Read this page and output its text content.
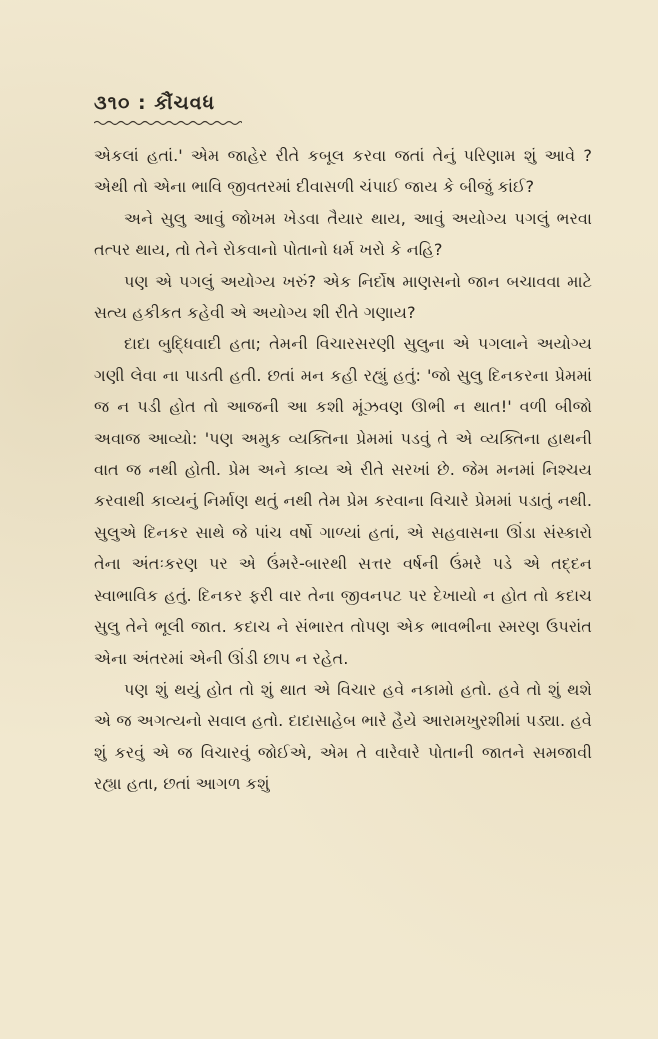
૩૧૦ : કૌંચવધ

એકલાં હતાં.' એમ જાહેર રીતે કબૂલ કરવા જતાં તેનું પરિણામ શું આવે ? એથી તો એના ભાવિ જીવતરમાં દીવાસળી ચંપાઈ જાય કે બીજું કાંઈ?

અને સુલુ આવું જોખમ ખેડવા તૈયાર થાય, આવું અયોગ્ય પગલું ભરવા તત્પર થાય, તો તેને રોકવાનો પોતાનો ધર્મ ખરો કે નહિ?

પણ એ પગલું અયોગ્ય ખરું? એક નિર્દોષ માણસનો જાન બચાવવા માટે સત્ય હકીકત કહેવી એ અયોગ્ય શી રીતે ગણાય?

દાદા બુદ્ધિવાદી હતા; તેમની વિચારસરણી સુલુના એ પગલાને અયોગ્ય ગણી લેવા ના પાડતી હતી. છતાં મન કહી રહ્યું હતું: 'જો સુલુ દિનકરના પ્રેમમાં જ ન પડી હોત તો આજની આ કશી મૂંઝવણ ઊભી ન થાત!' વળી બીજો અવાજ આવ્યો: 'પણ અમુક વ્યક્તિના પ્રેમમાં પડવું તે એ વ્યક્તિના હાથની વાત જ નથી હોતી. પ્રેમ અને કાવ્ય એ રીતે સરખાં છે. જેમ મનમાં નિશ્ચય કરવાથી કાવ્યનું નિર્માણ થતું નથી તેમ પ્રેમ કરવાના વિચારે પ્રેમમાં પડાતું નથી. સુલુએ દિનકર સાથે જે પાંચ વર્ષો ગાળ્યાં હતાં, એ સહવાસના ઊંડા સંસ્કારો તેના અંતઃકરણ પર એ ઉંમરે-બારથી સત્તર વર્ષની ઉંમરે પડે એ તદ્દન સ્વાભાવિક હતું. દિનકર ફરી વાર તેના જીવનપટ પર દેખાયો ન હોત તો કદાચ સુલુ તેને ભૂલી જાત. કદાચ ને સંભારત તોપણ એક ભાવભીના સ્મરણ ઉપરાંત એના અંતરમાં એની ઊંડી છાપ ન રહેત.

પણ શું થયું હોત તો શું થાત એ વિચાર હવે નકામો હતો. હવે તો શું થશે એ જ અગત્યનો સવાલ હતો. દાદાસાહેબ ભારે હૈયે આરામખુરશીમાં પડ્યા. હવે શું કરવું એ જ વિચારવું જોઈએ, એમ તે વારેવારે પોતાની જાતને સમજાવી રહ્યા હતા, છતાં આગળ કશું
